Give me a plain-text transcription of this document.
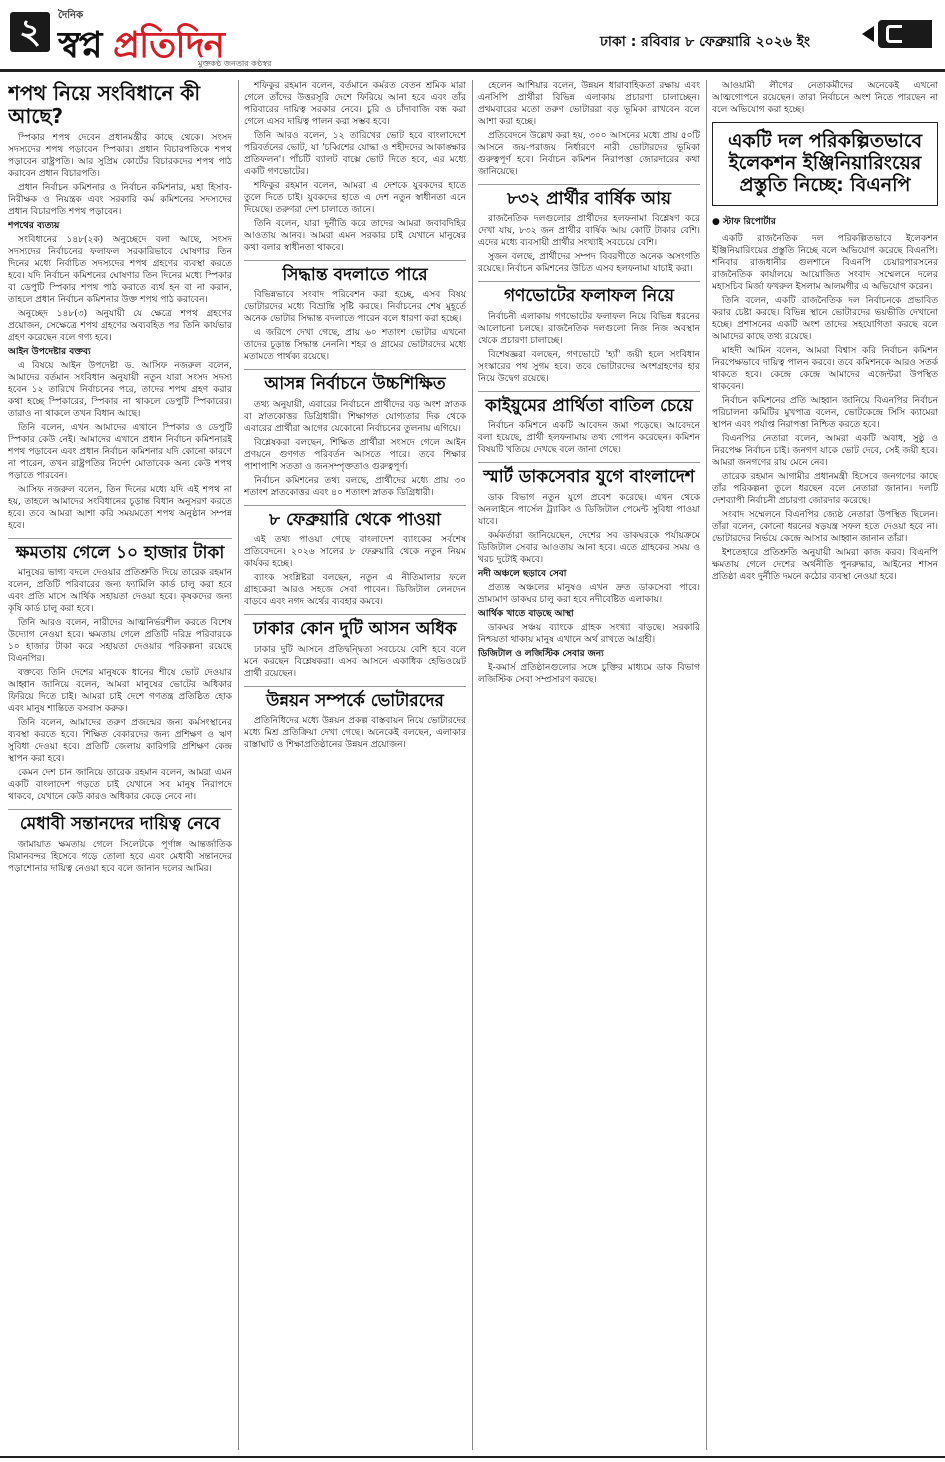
২	দৈনিক
স্বপ্ন প্রতিদিন
মুক্তকণ্ঠ জনতার কণ্ঠস্বর
ঢাকা : রবিবার ৮ ফেব্রুয়ারি ২০২৬ ইং
শপথ নিয়ে সংবিধানে কী আছে?
স্পিকার শপথ দেবেন প্রধানমন্ত্রীর কাছে থেকে। সংসদ সদস্যদের শপথ পড়াবেন স্পিকার। প্রধান বিচারপতিকে শপথ পড়াবেন রাষ্ট্রপতি। আর সুপ্রিম কোর্টের বিচারকদের শপথ পাঠ করাবেন প্রধান বিচারপতি।
প্রধান নির্বাচন কমিশনার ও নির্বাচন কমিশনার, মহা হিসাব-নিরীক্ষক ও নিয়ন্ত্রক এবং সরকারি কর্ম কমিশনের সদস্যদের প্রধান বিচারপতি শপথ পড়াবেন।
শপথের ব্যত্যয়
সংবিধানের ১৪৮(২ক) অনুচ্ছেদে বলা আছে, সংসদ সদস্যদের নির্বাচনের ফলাফল সরকারিভাবে ঘোষণার তিন দিনের মধ্যে নির্বাচিত সদস্যদের শপথ গ্রহণের ব্যবস্থা করতে হবে। যদি নির্বাচন কমিশনের ঘোষণার তিন দিনের মধ্যে স্পিকার বা ডেপুটি স্পিকার শপথ পাঠ করাতে ব্যর্থ হন বা না করান, তাহলে প্রধান নির্বাচন কমিশনার উক্ত শপথ পাঠ করাবেন।
অনুচ্ছেদ ১৪৮(৩) অনুযায়ী যে ক্ষেত্রে শপথ গ্রহণের প্রয়োজন, সেক্ষেত্রে শপথ গ্রহণের অব্যবহিত পর তিনি কার্যভার গ্রহণ করেছেন বলে গণ্য হবে।
আইন উপদেষ্টার বক্তব্য
এ বিষয়ে আইন উপদেষ্টা ড. আসিফ নজরুল বলেন, আমাদের বর্তমান সংবিধান অনুযায়ী নতুন যারা সংসদ সদস্য হবেন ১২ তারিখে নির্বাচনের পরে, তাদের শপথ গ্রহণ করার কথা হচ্ছে স্পিকারের, স্পিকার না থাকলে ডেপুটি স্পিকারের। তারাও না থাকলে তখন বিধান আছে।
তিনি বলেন, এখন আমাদের এখানে স্পিকার ও ডেপুটি স্পিকার কেউ নেই। আমাদের এখানে প্রধান নির্বাচন কমিশনারই শপথ পড়াবেন এবং প্রধান নির্বাচন কমিশনার যদি কোনো কারণে না পারেন, তখন রাষ্ট্রপতির নির্দেশ মোতাবেক অন্য কেউ শপথ পড়াতে পারবেন।
আসিফ নজরুল বলেন, তিন দিনের মধ্যে যদি এই শপথ না হয়, তাহলে আমাদের সংবিধানের চূড়ান্ত বিধান অনুসরণ করতে হবে। তবে আমরা আশা করি সময়মতো শপথ অনুষ্ঠান সম্পন্ন হবে।
ক্ষমতায় গেলে ১০ হাজার টাকা
মানুষের ভাগ্য বদলে দেওয়ার প্রতিশ্রুতি দিয়ে তারেক রহমান বলেন, প্রতিটি পরিবারের জন্য ফ্যামিলি কার্ড চালু করা হবে এবং প্রতি মাসে আর্থিক সহায়তা দেওয়া হবে। কৃষকদের জন্য কৃষি কার্ড চালু করা হবে।
তিনি আরও বলেন, নারীদের আত্মনির্ভরশীল করতে বিশেষ উদ্যোগ নেওয়া হবে। ক্ষমতায় গেলে প্রতিটি দরিদ্র পরিবারকে ১০ হাজার টাকা করে সহায়তা দেওয়ার পরিকল্পনা রয়েছে বিএনপির।
বক্তব্যে তিনি দেশের মানুষকে ধানের শীষে ভোট দেওয়ার আহ্বান জানিয়ে বলেন, আমরা মানুষের ভোটের অধিকার ফিরিয়ে দিতে চাই। আমরা চাই দেশে গণতন্ত্র প্রতিষ্ঠিত হোক এবং মানুষ শান্তিতে বসবাস করুক।
তিনি বলেন, আমাদের তরুণ প্রজন্মের জন্য কর্মসংস্থানের ব্যবস্থা করতে হবে। শিক্ষিত বেকারদের জন্য প্রশিক্ষণ ও ঋণ সুবিধা দেওয়া হবে। প্রতিটি জেলায় কারিগরি প্রশিক্ষণ কেন্দ্র স্থাপন করা হবে।
কেমন দেশ চান জানিয়ে তারেক রহমান বলেন, আমরা এমন একটি বাংলাদেশ গড়তে চাই যেখানে সব মানুষ নিরাপদে থাকবে, যেখানে কেউ কারও অধিকার কেড়ে নেবে না।
মেধাবী সন্তানদের দায়িত্ব নেবে
জামায়াত ক্ষমতায় গেলে সিলেটকে পূর্ণাঙ্গ আন্তর্জাতিক বিমানবন্দর হিসেবে গড়ে তোলা হবে এবং মেধাবী সন্তানদের পড়াশোনার দায়িত্ব নেওয়া হবে বলে জানান দলের আমির।
শফিকুর রহমান বলেন, বর্তমানে কর্মরত বেতন শ্রমিক মারা গেলে তাঁদের উত্তরসূরি দেশে ফিরিয়ে আনা হবে এবং তাঁর পরিবারের দায়িত্ব সরকার নেবে। চুরি ও চাঁদাবাজি বন্ধ করা গেলে এসব দায়িত্ব পালন করা সম্ভব হবে।
তিনি আরও বলেন, ১২ তারিখের ভোট হবে বাংলাদেশে পরিবর্তনের ভোট, যা 'চব্বিশের যোদ্ধা ও শহীদদের আকাঙ্ক্ষার প্রতিফলন'। পাঁচটি ব্যালট বাক্সে ভোট দিতে হবে, এর মধ্যে একটি গণভোটের।
শফিকুর রহমান বলেন, আমরা এ দেশকে যুবকদের হাতে তুলে দিতে চাই। যুবকদের হাতে এ দেশ নতুন স্বাধীনতা এনে দিয়েছে। তরুণরা দেশ চালাতে জানে।
তিনি বলেন, যারা দুর্নীতি করে তাদের আমরা জবাবদিহির আওতায় আনব। আমরা এমন সরকার চাই যেখানে মানুষের কথা বলার স্বাধীনতা থাকবে।
সিদ্ধান্ত বদলাতে পারে
বিভিন্নভাবে সংবাদ পরিবেশন করা হচ্ছে, এসব বিষয় ভোটারদের মধ্যে বিভ্রান্তি সৃষ্টি করছে। নির্বাচনের শেষ মুহূর্তে অনেক ভোটার সিদ্ধান্ত বদলাতে পারেন বলে ধারণা করা হচ্ছে।
এ জরিপে দেখা গেছে, প্রায় ৬০ শতাংশ ভোটার এখনো তাদের চূড়ান্ত সিদ্ধান্ত নেননি। শহর ও গ্রামের ভোটারদের মধ্যে মতামতে পার্থক্য রয়েছে।
আসন্ন নির্বাচনে উচ্চশিক্ষিত
তথ্য অনুযায়ী, এবারের নির্বাচনে প্রার্থীদের বড় অংশ স্নাতক বা স্নাতকোত্তর ডিগ্রিধারী। শিক্ষাগত যোগ্যতার দিক থেকে এবারের প্রার্থীরা আগের যেকোনো নির্বাচনের তুলনায় এগিয়ে।
বিশ্লেষকরা বলছেন, শিক্ষিত প্রার্থীরা সংসদে গেলে আইন প্রণয়নে গুণগত পরিবর্তন আসতে পারে। তবে শিক্ষার পাশাপাশি সততা ও জনসম্পৃক্ততাও গুরুত্বপূর্ণ।
নির্বাচন কমিশনের তথ্য বলছে, প্রার্থীদের মধ্যে প্রায় ৩০ শতাংশ স্নাতকোত্তর এবং ৪০ শতাংশ স্নাতক ডিগ্রিধারী।
৮ ফেব্রুয়ারি থেকে পাওয়া
এই তথ্য পাওয়া গেছে বাংলাদেশ ব্যাংকের সর্বশেষ প্রতিবেদনে। ২০২৬ সালের ৮ ফেব্রুয়ারি থেকে নতুন নিয়ম কার্যকর হচ্ছে।
ব্যাংক সংশ্লিষ্টরা বলছেন, নতুন এ নীতিমালার ফলে গ্রাহকেরা আরও সহজে সেবা পাবেন। ডিজিটাল লেনদেন বাড়বে এবং নগদ অর্থের ব্যবহার কমবে।
ঢাকার কোন দুটি আসন অধিক
ঢাকার দুটি আসনে প্রতিদ্বন্দ্বিতা সবচেয়ে বেশি হবে বলে মনে করছেন বিশ্লেষকরা। এসব আসনে একাধিক হেভিওয়েট প্রার্থী রয়েছেন।
উন্নয়ন সম্পর্কে ভোটারদের
প্রতিনিধিদের মধ্যে উন্নয়ন প্রকল্প বাস্তবায়ন নিয়ে ভোটারদের মধ্যে মিশ্র প্রতিক্রিয়া দেখা গেছে। অনেকেই বলছেন, এলাকার রাস্তাঘাট ও শিক্ষাপ্রতিষ্ঠানের উন্নয়ন প্রয়োজন।
হেলেন আশিয়ার বলেন, উন্নয়ন ধারাবাহিকতা রক্ষায় এবং এনসিপি প্রার্থীরা বিভিন্ন এলাকায় প্রচারণা চালাচ্ছেন। প্রথমবারের মতো তরুণ ভোটাররা বড় ভূমিকা রাখবেন বলে আশা করা হচ্ছে।
প্রতিবেদনে উল্লেখ করা হয়, ৩০০ আসনের মধ্যে প্রায় ৫০টি আসনে জয়-পরাজয় নির্ধারণে নারী ভোটারদের ভূমিকা গুরুত্বপূর্ণ হবে। নির্বাচন কমিশন নিরাপত্তা জোরদারের কথা জানিয়েছে।
৮৩২ প্রার্থীর বার্ষিক আয়
রাজনৈতিক দলগুলোর প্রার্থীদের হলফনামা বিশ্লেষণ করে দেখা যায়, ৮৩২ জন প্রার্থীর বার্ষিক আয় কোটি টাকার বেশি। এদের মধ্যে ব্যবসায়ী প্রার্থীর সংখ্যাই সবচেয়ে বেশি।
সুজন বলছে, প্রার্থীদের সম্পদ বিবরণীতে অনেক অসংগতি রয়েছে। নির্বাচন কমিশনের উচিত এসব হলফনামা যাচাই করা।
গণভোটের ফলাফল নিয়ে
নির্বাচনী এলাকায় গণভোটের ফলাফল নিয়ে বিভিন্ন ধরনের আলোচনা চলছে। রাজনৈতিক দলগুলো নিজ নিজ অবস্থান থেকে প্রচারণা চালাচ্ছে।
বিশেষজ্ঞরা বলছেন, গণভোটে 'হ্যাঁ' জয়ী হলে সংবিধান সংস্কারের পথ সুগম হবে। তবে ভোটারদের অংশগ্রহণের হার নিয়ে উদ্বেগ রয়েছে।
কাইয়ুমের প্রার্থিতা বাতিল চেয়ে
নির্বাচন কমিশনে একটি আবেদন জমা পড়েছে। আবেদনে বলা হয়েছে, প্রার্থী হলফনামায় তথ্য গোপন করেছেন। কমিশন বিষয়টি খতিয়ে দেখছে বলে জানা গেছে।
স্মার্ট ডাকসেবার যুগে বাংলাদেশ
ডাক বিভাগ নতুন যুগে প্রবেশ করেছে। এখন থেকে অনলাইনে পার্সেল ট্র্যাকিং ও ডিজিটাল পেমেন্ট সুবিধা পাওয়া যাবে।
কর্মকর্তারা জানিয়েছেন, দেশের সব ডাকঘরকে পর্যায়ক্রমে ডিজিটাল সেবার আওতায় আনা হবে। এতে গ্রাহকের সময় ও খরচ দুটোই কমবে।
নদী অঞ্চলে ছড়াবে সেবা
প্রত্যন্ত অঞ্চলের মানুষও এখন দ্রুত ডাকসেবা পাবে। ভ্রাম্যমাণ ডাকঘর চালু করা হবে নদীবেষ্টিত এলাকায়।
আর্থিক খাতে বাড়ছে আস্থা
ডাকঘর সঞ্চয় ব্যাংকে গ্রাহক সংখ্যা বাড়ছে। সরকারি নিশ্চয়তা থাকায় মানুষ এখানে অর্থ রাখতে আগ্রহী।
ডিজিটাল ও লজিস্টিক সেবার জন্য
ই-কমার্স প্রতিষ্ঠানগুলোর সঙ্গে চুক্তির মাধ্যমে ডাক বিভাগ লজিস্টিক সেবা সম্প্রসারণ করছে।
আওয়ামী লীগের নেতাকর্মীদের অনেকেই এখনো আত্মগোপনে রয়েছেন। তারা নির্বাচনে অংশ নিতে পারছেন না বলে অভিযোগ করা হচ্ছে।
একটি দল পরিকল্পিতভাবে ইলেকশন ইঞ্জিনিয়ারিংয়ের প্রস্তুতি নিচ্ছে: বিএনপি
● স্টাফ রিপোর্টার
একটি রাজনৈতিক দল পরিকল্পিতভাবে ইলেকশন ইঞ্জিনিয়ারিংয়ের প্রস্তুতি নিচ্ছে বলে অভিযোগ করেছে বিএনপি। শনিবার রাজধানীর গুলশানে বিএনপি চেয়ারপারসনের রাজনৈতিক কার্যালয়ে আয়োজিত সংবাদ সম্মেলনে দলের মহাসচিব মির্জা ফখরুল ইসলাম আলমগীর এ অভিযোগ করেন।
তিনি বলেন, একটি রাজনৈতিক দল নির্বাচনকে প্রভাবিত করার চেষ্টা করছে। বিভিন্ন স্থানে ভোটারদের ভয়ভীতি দেখানো হচ্ছে। প্রশাসনের একটি অংশ তাদের সহযোগিতা করছে বলে আমাদের কাছে তথ্য রয়েছে।
মাহদী আমিন বলেন, আমরা বিশ্বাস করি নির্বাচন কমিশন নিরপেক্ষভাবে দায়িত্ব পালন করবে। তবে কমিশনকে আরও সতর্ক থাকতে হবে। কেন্দ্রে কেন্দ্রে আমাদের এজেন্টরা উপস্থিত থাকবেন।
নির্বাচন কমিশনের প্রতি আহ্বান জানিয়ে বিএনপির নির্বাচন পরিচালনা কমিটির মুখপাত্র বলেন, ভোটকেন্দ্রে সিসি ক্যামেরা স্থাপন এবং পর্যাপ্ত নিরাপত্তা নিশ্চিত করতে হবে।
বিএনপির নেতারা বলেন, আমরা একটি অবাধ, সুষ্ঠু ও নিরপেক্ষ নির্বাচন চাই। জনগণ যাকে ভোট দেবে, সেই জয়ী হবে। আমরা জনগণের রায় মেনে নেব।
তারেক রহমান আগামীর প্রধানমন্ত্রী হিসেবে জনগণের কাছে তাঁর পরিকল্পনা তুলে ধরছেন বলে নেতারা জানান। দলটি দেশব্যাপী নির্বাচনী প্রচারণা জোরদার করেছে।
সংবাদ সম্মেলনে বিএনপির জ্যেষ্ঠ নেতারা উপস্থিত ছিলেন। তাঁরা বলেন, কোনো ধরনের ষড়যন্ত্র সফল হতে দেওয়া হবে না। ভোটারদের নির্ভয়ে কেন্দ্রে আসার আহ্বান জানান তাঁরা।
ইশতেহারে প্রতিশ্রুতি অনুযায়ী আমরা কাজ করব। বিএনপি ক্ষমতায় গেলে দেশের অর্থনীতি পুনরুদ্ধার, আইনের শাসন প্রতিষ্ঠা এবং দুর্নীতি দমনে কঠোর ব্যবস্থা নেওয়া হবে।
